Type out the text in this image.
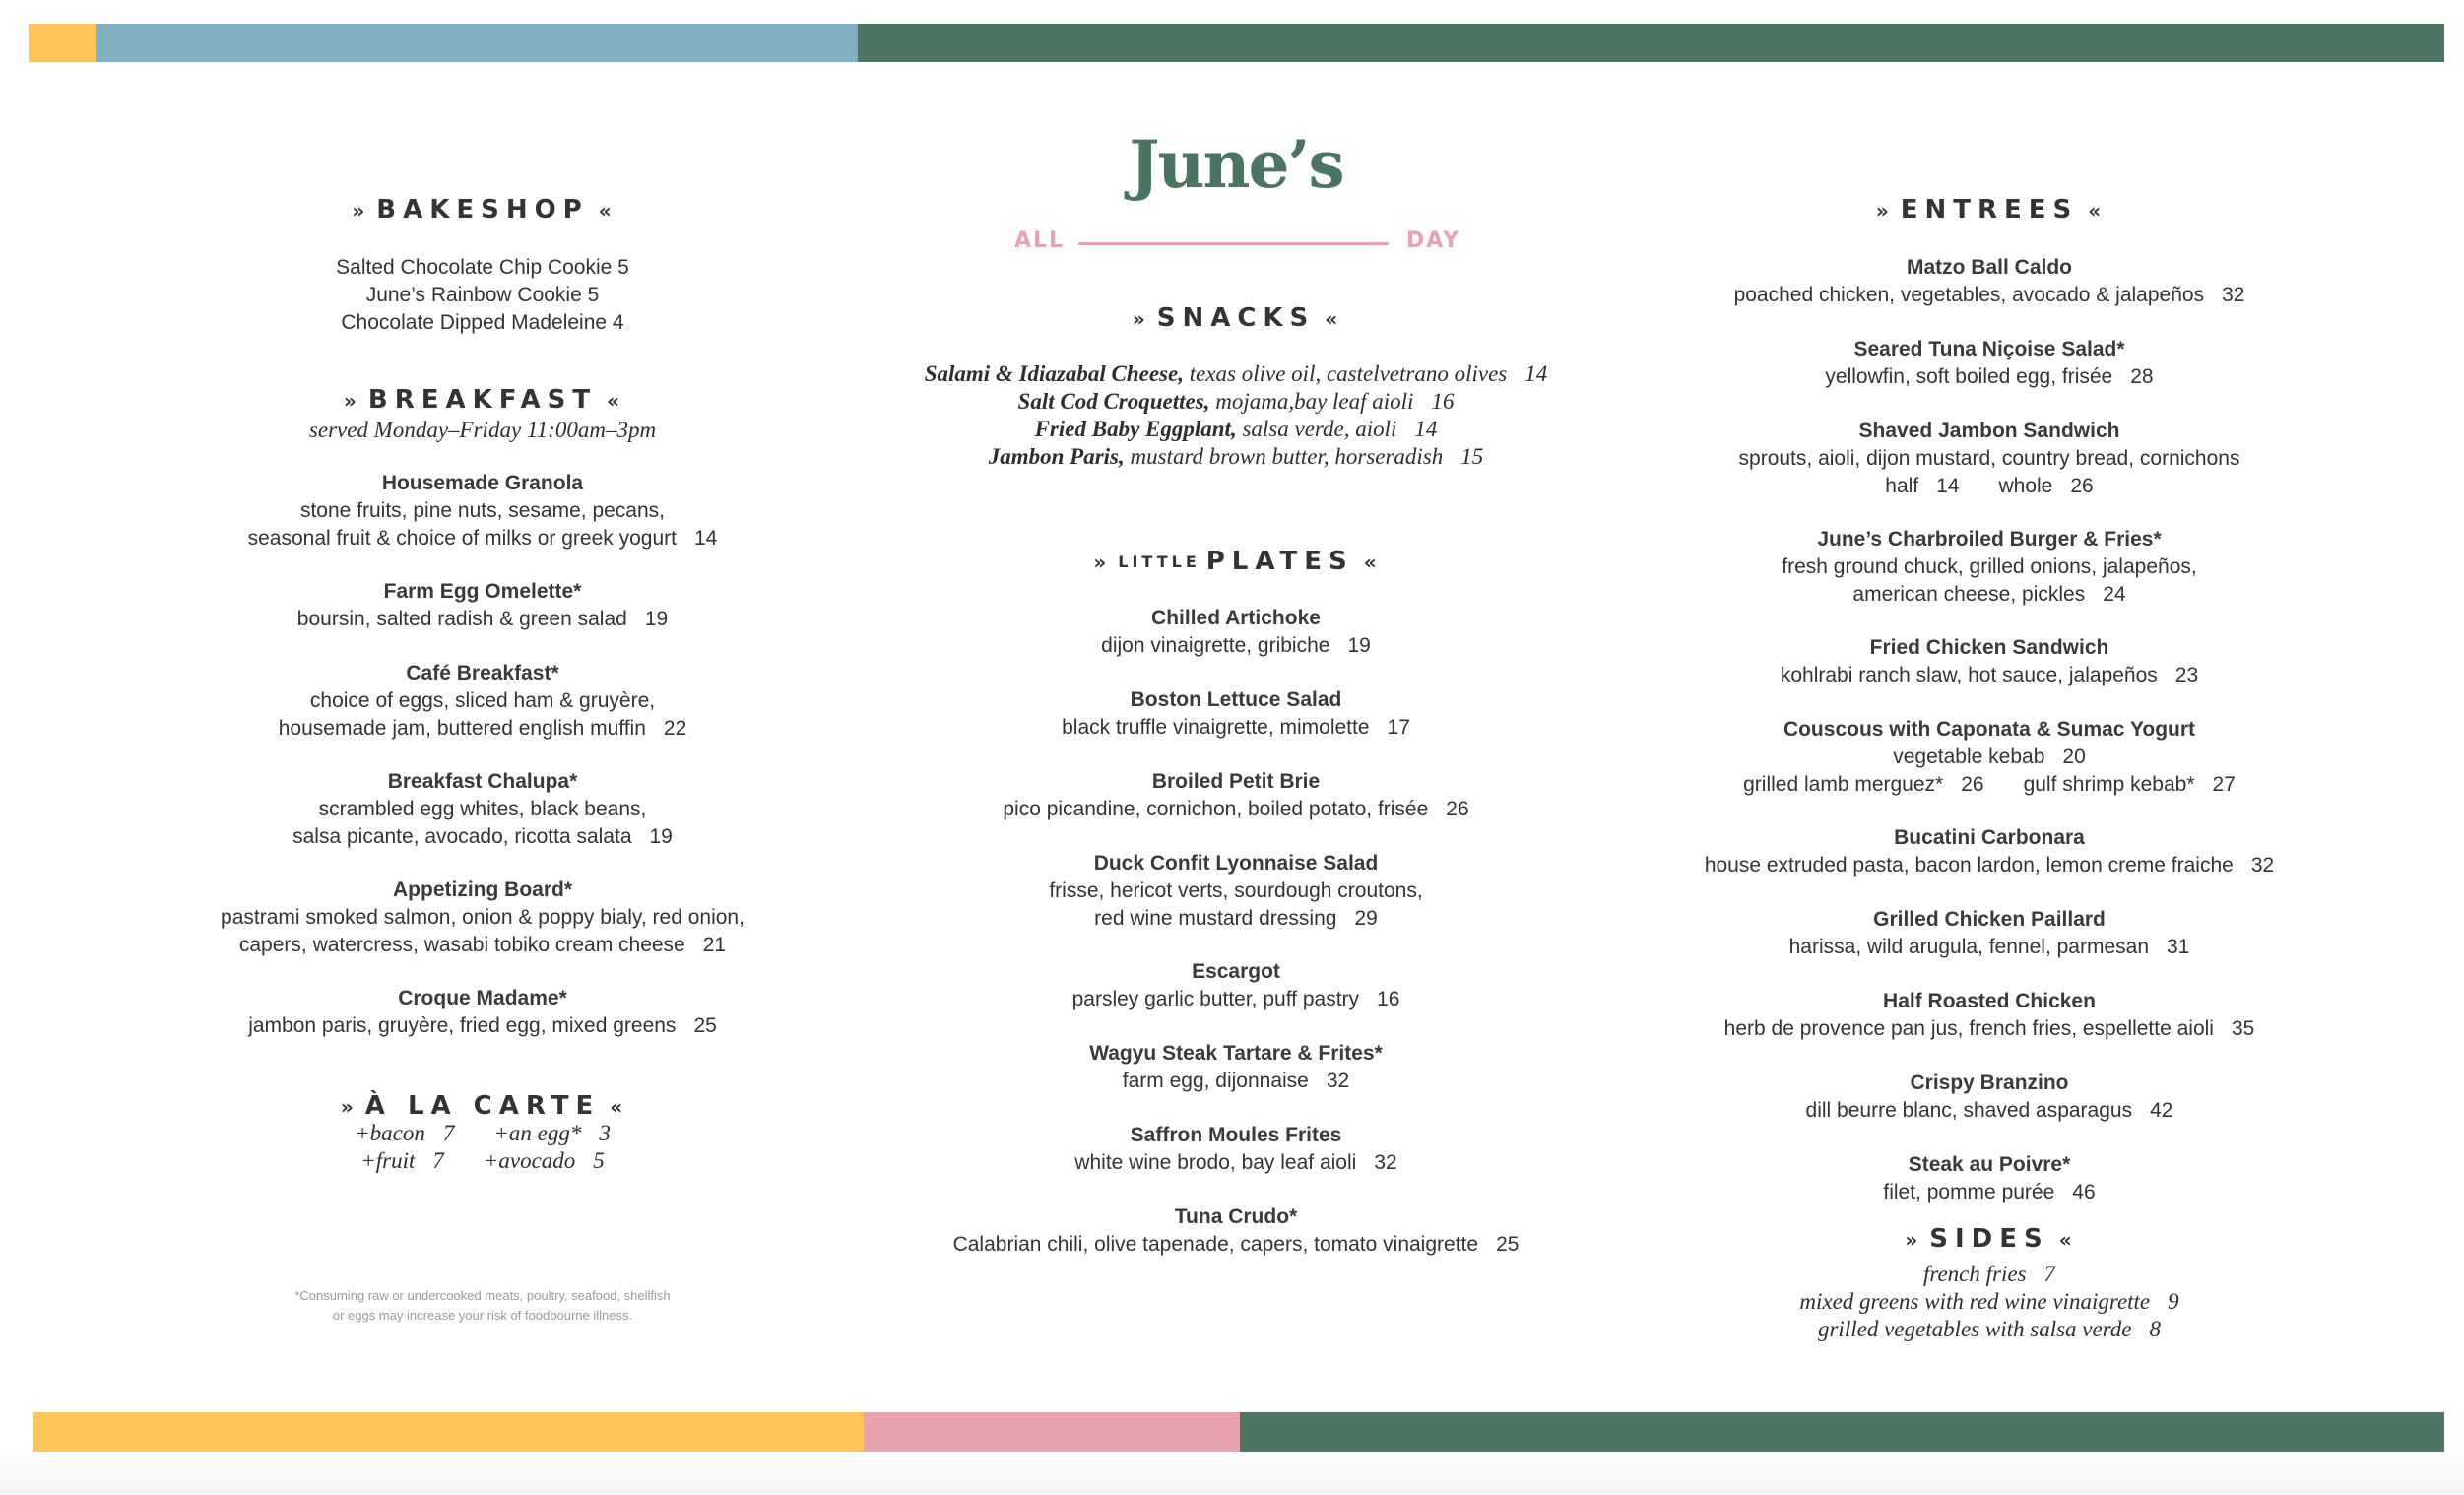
» BAKESHOP «
Salted Chocolate Chip Cookie 5
June’s Rainbow Cookie 5
Chocolate Dipped Madeleine 4
» BREAKFAST «
served Monday–Friday 11:00am–3pm
Housemade Granola
stone fruits, pine nuts, sesame, pecans,
seasonal fruit & choice of milks or greek yogurt 14
Farm Egg Omelette*
boursin, salted radish & green salad 19
Café Breakfast*
choice of eggs, sliced ham & gruyère,
housemade jam, buttered english muffin 22
Breakfast Chalupa*
scrambled egg whites, black beans,
salsa picante, avocado, ricotta salata 19
Appetizing Board*
pastrami smoked salmon, onion & poppy bialy, red onion,
capers, watercress, wasabi tobiko cream cheese 21
Croque Madame*
jambon paris, gruyère, fried egg, mixed greens 25
» À LA CARTE «
+bacon 7 +an egg* 3
+fruit 7 +avocado 5
*Consuming raw or undercooked meats, poultry, seafood, shellfish
or eggs may increase your risk of foodbourne illness.
June’s
ALL	DAY
» SNACKS «
Salami & Idiazabal Cheese, texas olive oil, castelvetrano olives 14
Salt Cod Croquettes, mojama,bay leaf aioli 16
Fried Baby Eggplant, salsa verde, aioli 14
Jambon Paris, mustard brown butter, horseradish 15
» LITTLE PLATES «
Chilled Artichoke
dijon vinaigrette, gribiche 19
Boston Lettuce Salad
black truffle vinaigrette, mimolette 17
Broiled Petit Brie
pico picandine, cornichon, boiled potato, frisée 26
Duck Confit Lyonnaise Salad
frisse, hericot verts, sourdough croutons,
red wine mustard dressing 29
Escargot
parsley garlic butter, puff pastry 16
Wagyu Steak Tartare & Frites*
farm egg, dijonnaise 32
Saffron Moules Frites
white wine brodo, bay leaf aioli 32
Tuna Crudo*
Calabrian chili, olive tapenade, capers, tomato vinaigrette 25
» ENTREES «
Matzo Ball Caldo
poached chicken, vegetables, avocado & jalapeños 32
Seared Tuna Niçoise Salad*
yellowfin, soft boiled egg, frisée 28
Shaved Jambon Sandwich
sprouts, aioli, dijon mustard, country bread, cornichons
half 14 whole 26
June’s Charbroiled Burger & Fries*
fresh ground chuck, grilled onions, jalapeños,
american cheese, pickles 24
Fried Chicken Sandwich
kohlrabi ranch slaw, hot sauce, jalapeños 23
Couscous with Caponata & Sumac Yogurt
vegetable kebab 20
grilled lamb merguez* 26 gulf shrimp kebab* 27
Bucatini Carbonara
house extruded pasta, bacon lardon, lemon creme fraiche 32
Grilled Chicken Paillard
harissa, wild arugula, fennel, parmesan 31
Half Roasted Chicken
herb de provence pan jus, french fries, espellette aioli 35
Crispy Branzino
dill beurre blanc, shaved asparagus 42
Steak au Poivre*
filet, pomme purée 46
» SIDES «
french fries 7
mixed greens with red wine vinaigrette 9
grilled vegetables with salsa verde 8
